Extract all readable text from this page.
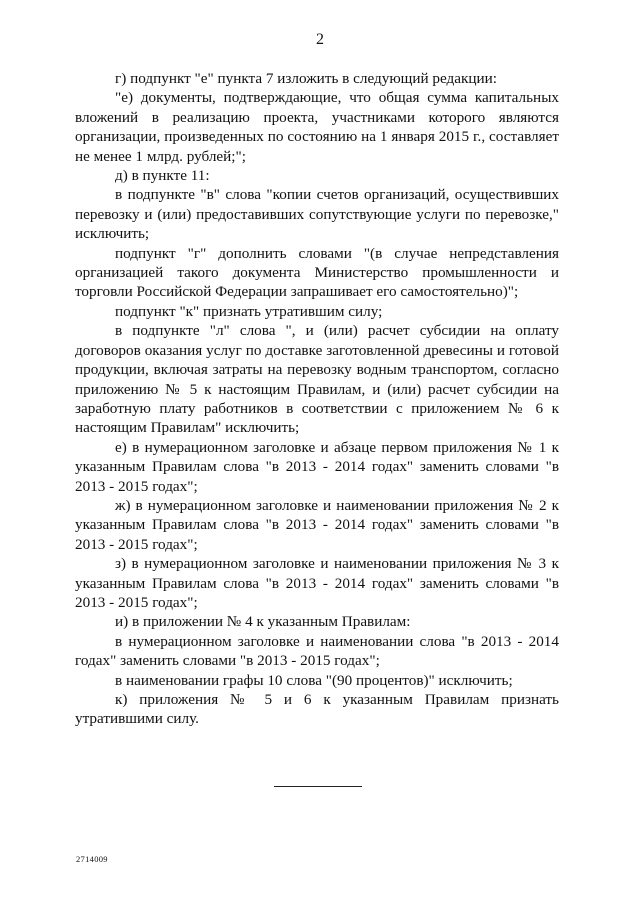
2

г) подпункт "е" пункта 7 изложить в следующий редакции:

"е) документы, подтверждающие, что общая сумма капитальных вложений в реализацию проекта, участниками которого являются организации, произведенных по состоянию на 1 января 2015 г., составляет не менее 1 млрд. рублей;";

д) в пункте 11:

в подпункте "в" слова "копии счетов организаций, осуществивших перевозку и (или) предоставивших сопутствующие услуги по перевозке," исключить;

подпункт "г" дополнить словами "(в случае непредставления организацией такого документа Министерство промышленности и торговли Российской Федерации запрашивает его самостоятельно)";

подпункт "к" признать утратившим силу;

в подпункте "л" слова ", и (или) расчет субсидии на оплату договоров оказания услуг по доставке заготовленной древесины и готовой продукции, включая затраты на перевозку водным транспортом, согласно приложению № 5 к настоящим Правилам, и (или) расчет субсидии на заработную плату работников в соответствии с приложением № 6 к настоящим Правилам" исключить;

е) в нумерационном заголовке и абзаце первом приложения № 1 к указанным Правилам слова "в 2013 - 2014 годах" заменить словами "в 2013 - 2015 годах";

ж) в нумерационном заголовке и наименовании приложения № 2 к указанным Правилам слова "в 2013 - 2014 годах" заменить словами "в 2013 - 2015 годах";

з) в нумерационном заголовке и наименовании приложения № 3 к указанным Правилам слова "в 2013 - 2014 годах" заменить словами "в 2013 - 2015 годах";

и) в приложении № 4 к указанным Правилам:

в нумерационном заголовке и наименовании слова "в 2013 - 2014 годах" заменить словами "в 2013 - 2015 годах";

в наименовании графы 10 слова "(90 процентов)" исключить;

к) приложения № 5 и 6 к указанным Правилам признать утратившими силу.

2714009
